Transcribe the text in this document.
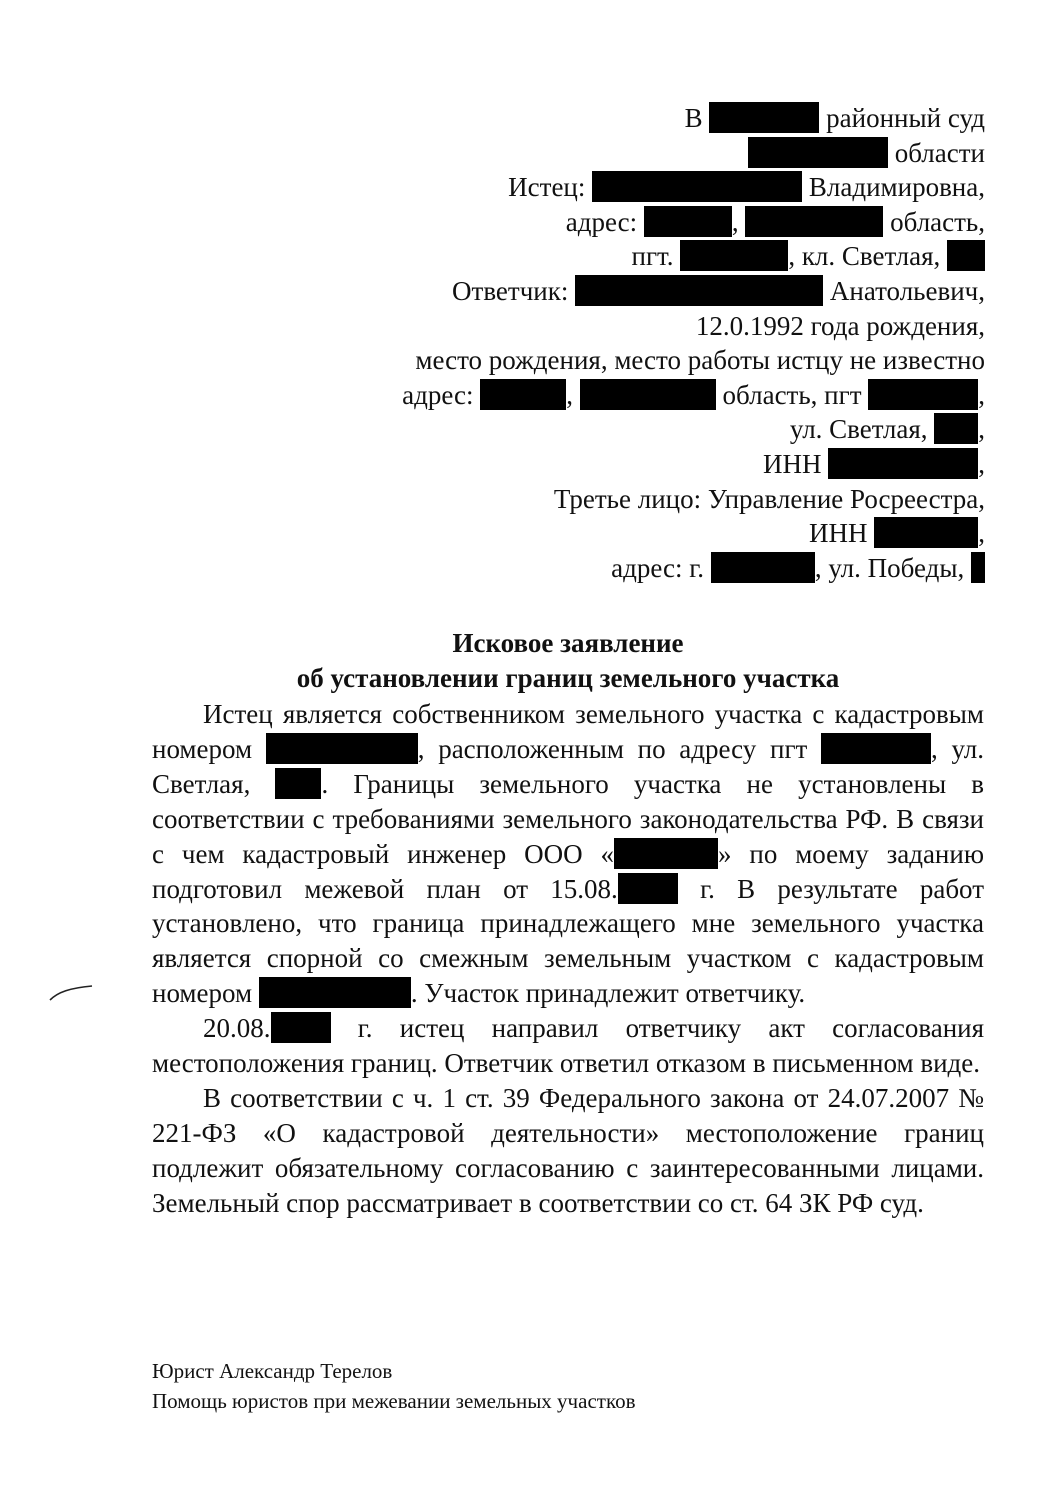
В	районный суд
области
Истец:	Владимировна,
адрес:	,	область,
пгт.	, кл. Светлая,
Ответчик:	Анатольевич,
12.0.1992 года рождения,
место рождения, место работы истцу не известно
адрес:	,	область, пгт	,
ул. Светлая, ,
ИНН	,
Третье лицо: Управление Росреестра,
ИНН	,
адрес: г.	, ул. Победы,
Исковое заявление
об установлении границ земельного участка

Истец является собственником земельного участка с кадастровым номером	, расположенным по адресу пгт	, ул. Светлая,	. Границы земельного участка не установлены в соответствии с требованиями земельного законодательства РФ. В связи с чем кадастровый инженер ООО «	» по моему заданию подготовил межевой план от 15.08.	г. В результате работ установлено, что граница принадлежащего мне земельного участка является спорной со смежным земельным участком с кадастровым номером	. Участок принадлежит ответчику.

20.08.	г. истец направил ответчику акт согласования местоположения границ. Ответчик ответил отказом в письменном виде.

В соответствии с ч. 1 ст. 39 Федерального закона от 24.07.2007 № 221-ФЗ «О кадастровой деятельности» местоположение границ подлежит обязательному согласованию с заинтересованными лицами. Земельный спор рассматривает в соответствии со ст. 64 ЗК РФ суд.

Юрист Александр Терелов
Помощь юристов при межевании земельных участков
